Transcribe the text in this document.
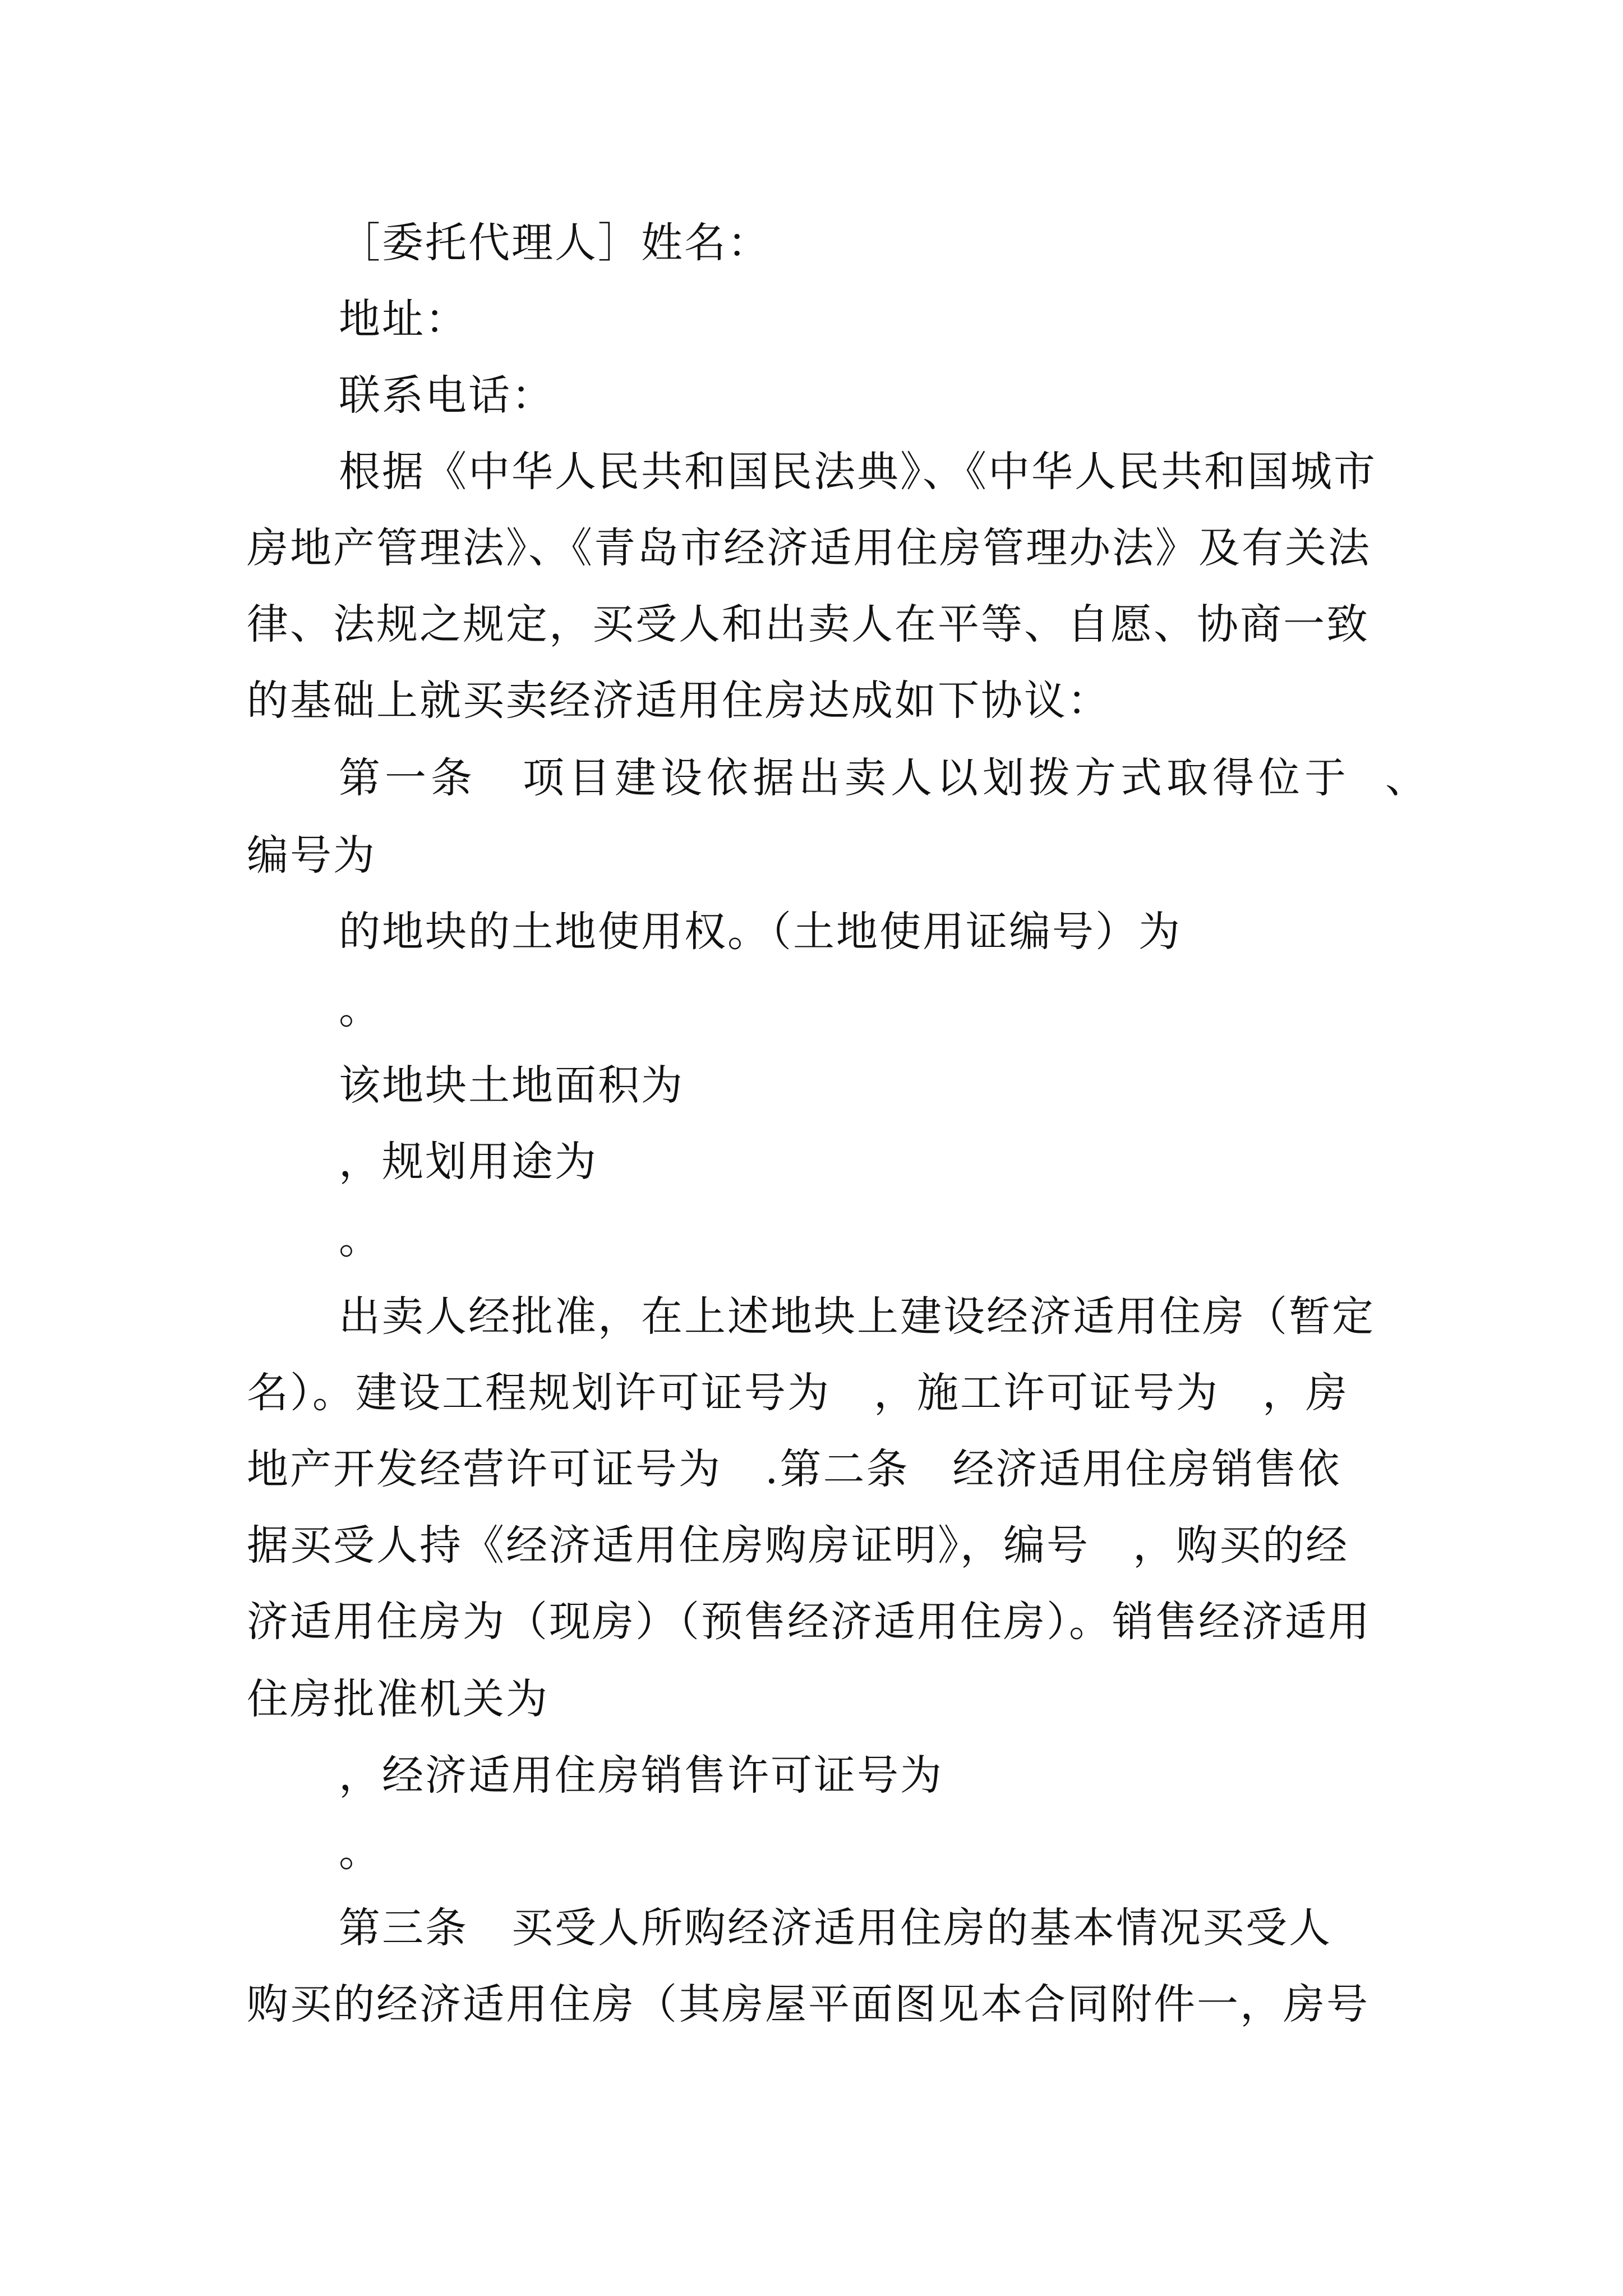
［委托代理人］姓名：

地址：

联系电话：

根据《中华人民共和国民法典》、《中华人民共和国城市

房地产管理法》、《青岛市经济适用住房管理办法》及有关法

律、法规之规定，买受人和出卖人在平等、自愿、协商一致

的基础上就买卖经济适用住房达成如下协议：

第一条　项目建设依据出卖人以划拨方式取得位于 、

编号为

的地块的土地使用权。（土地使用证编号）为

。

该地块土地面积为

，规划用途为

。

出卖人经批准，在上述地块上建设经济适用住房（暂定

名）。建设工程规划许可证号为　，施工许可证号为　，房

地产开发经营许可证号为　.第二条　经济适用住房销售依

据买受人持《经济适用住房购房证明》，编号　，购买的经

济适用住房为（现房）（预售经济适用住房）。销售经济适用

住房批准机关为

，经济适用住房销售许可证号为

。

第三条　买受人所购经济适用住房的基本情况买受人

购买的经济适用住房（其房屋平面图见本合同附件一，房号
